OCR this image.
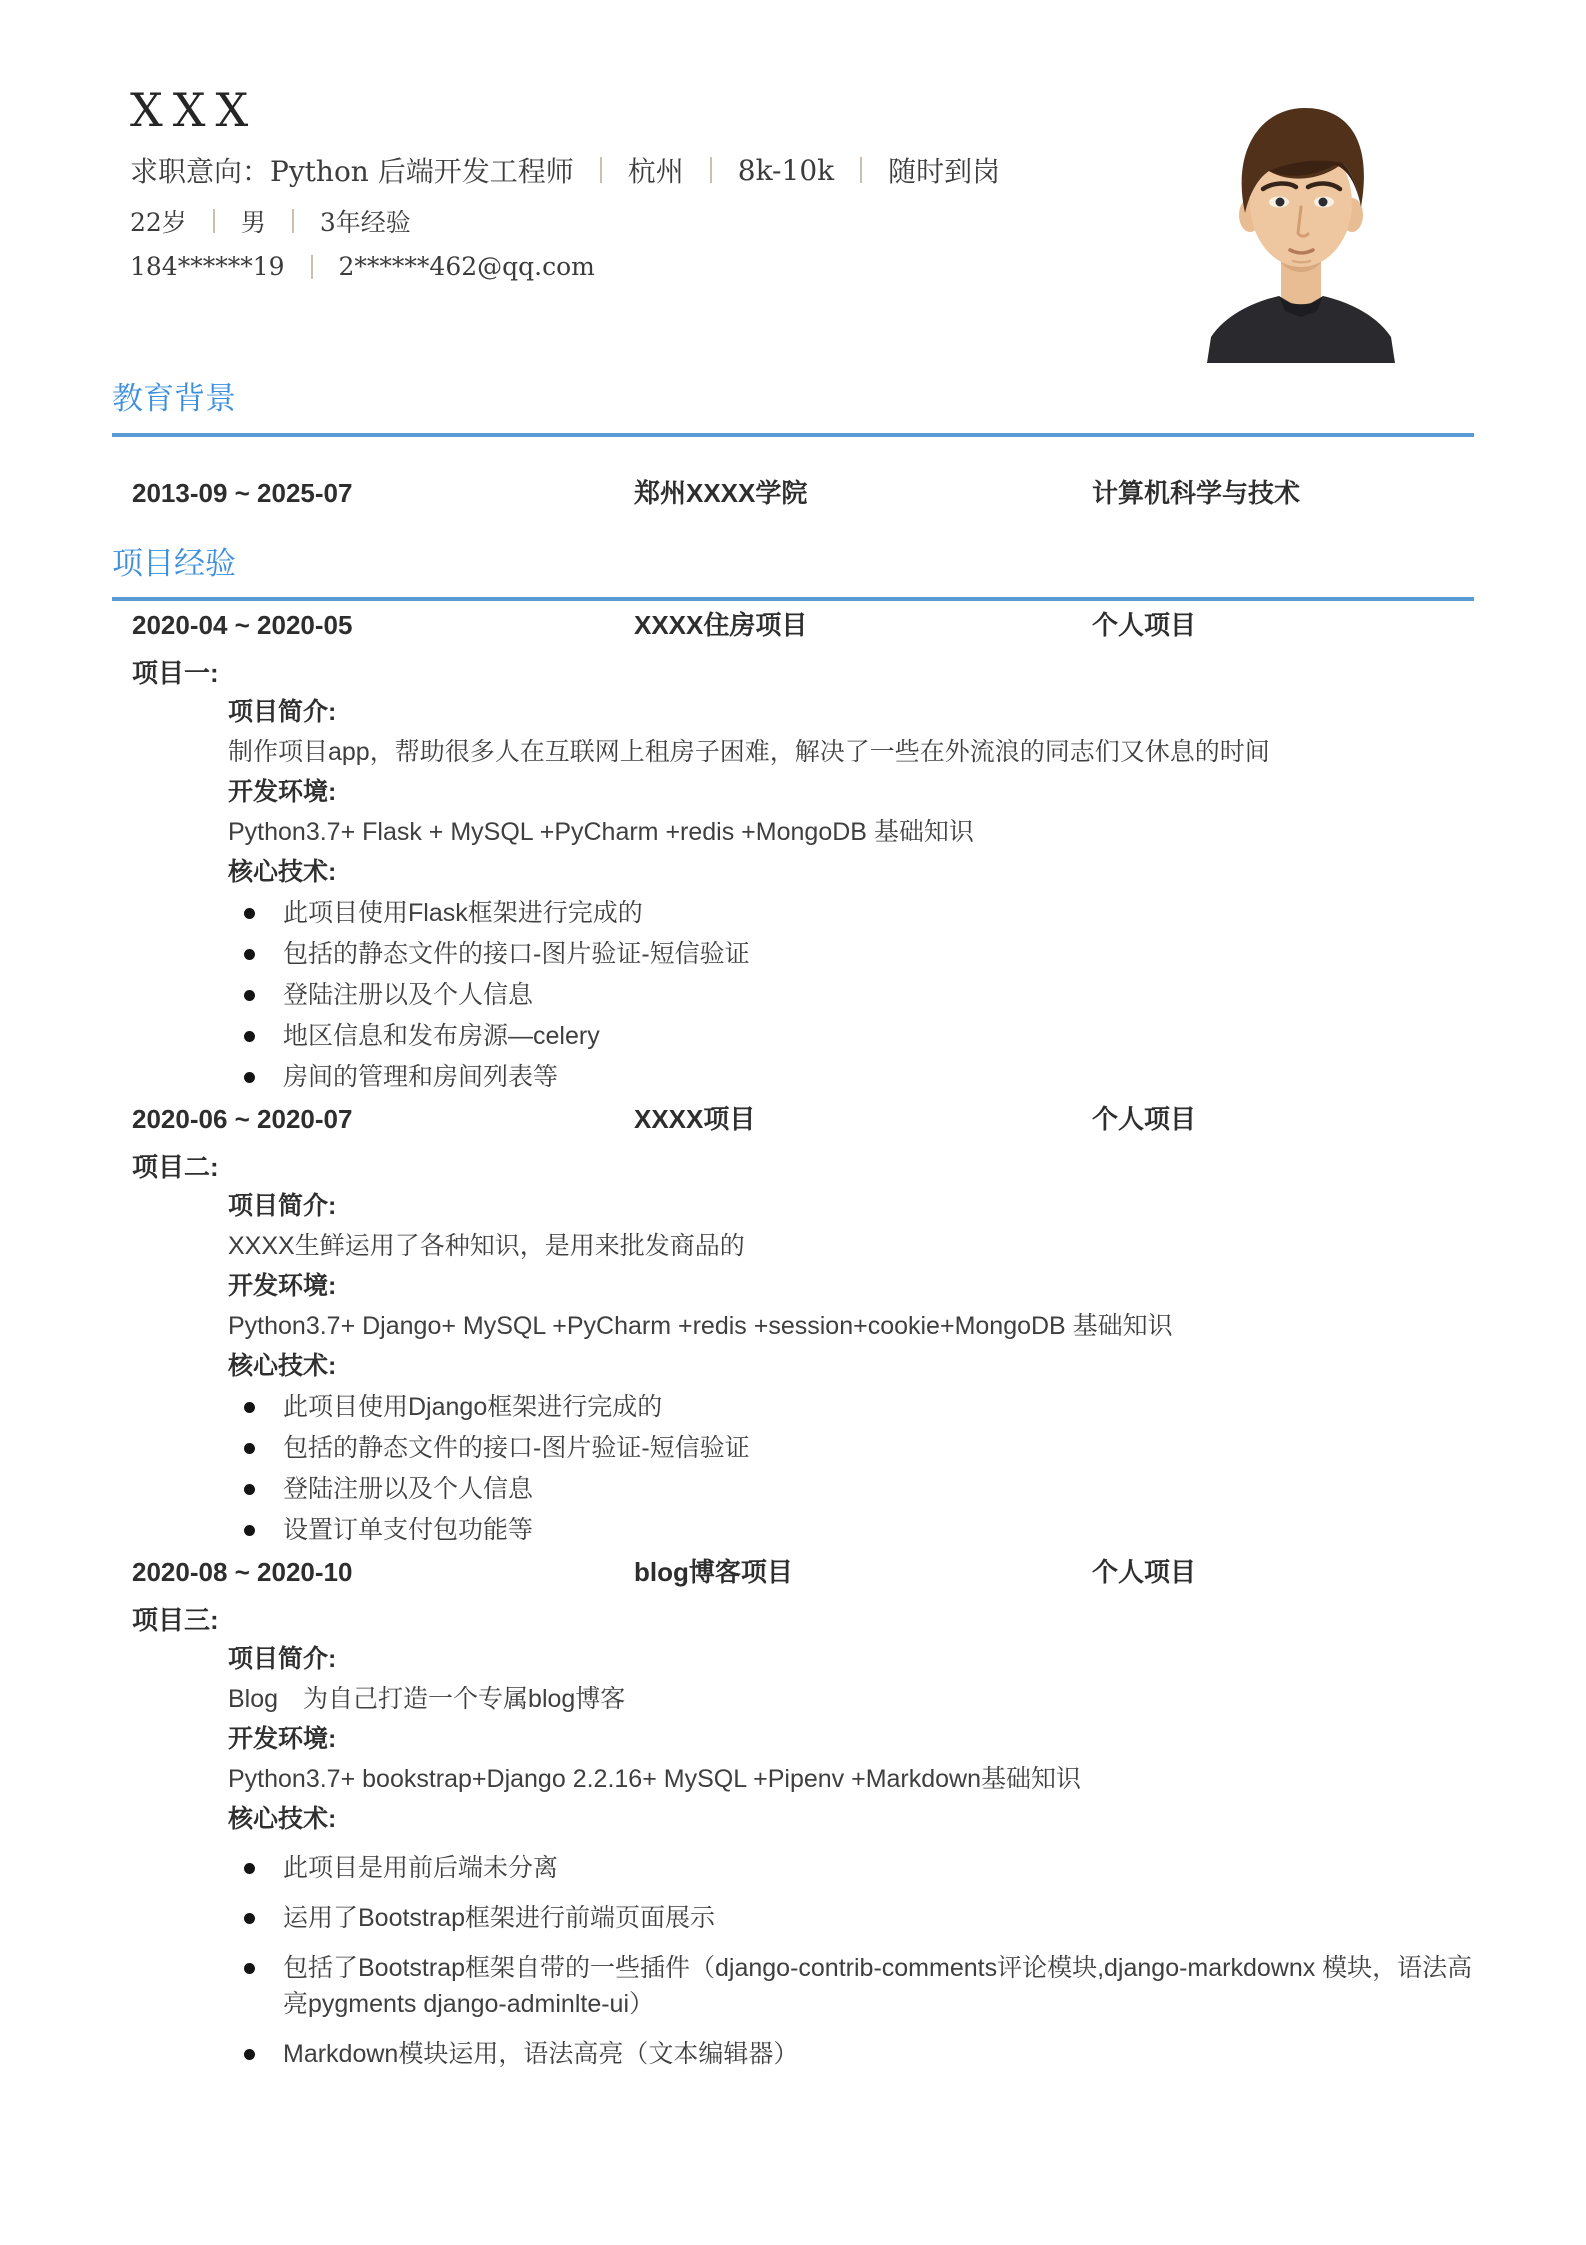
XXX
求职意向：Python 后端开发工程师 杭州 8k-10k 随时到岗
22岁 男 3年经验
184******19 2******462@qq.com
教育背景
2013-09 ~ 2025-07	郑州XXXX学院	计算机科学与技术
项目经验
2020-04 ~ 2020-05	XXXX住房项目	个人项目
项目一:
项目简介:
制作项目app，帮助很多人在互联网上租房子困难，解决了一些在外流浪的同志们又休息的时间
开发环境:
Python3.7+ Flask + MySQL +PyCharm +redis +MongoDB 基础知识
核心技术:
此项目使用Flask框架进行完成的
包括的静态文件的接口-图片验证-短信验证
登陆注册以及个人信息
地区信息和发布房源—celery
房间的管理和房间列表等
2020-06 ~ 2020-07	XXXX项目	个人项目
项目二:
项目简介:
XXXX生鲜运用了各种知识，是用来批发商品的
开发环境:
Python3.7+ Django+ MySQL +PyCharm +redis +session+cookie+MongoDB 基础知识
核心技术:
此项目使用Django框架进行完成的
包括的静态文件的接口-图片验证-短信验证
登陆注册以及个人信息
设置订单支付包功能等
2020-08 ~ 2020-10	blog博客项目	个人项目
项目三:
项目简介:
Blog　为自己打造一个专属blog博客
开发环境:
Python3.7+ bookstrap+Django 2.2.16+ MySQL +Pipenv +Markdown基础知识
核心技术:
此项目是用前后端未分离
运用了Bootstrap框架进行前端页面展示
包括了Bootstrap框架自带的一些插件（django-contrib-comments评论模块,django-markdownx 模块，语法高亮pygments django-adminlte-ui）
Markdown模块运用，语法高亮（文本编辑器）
